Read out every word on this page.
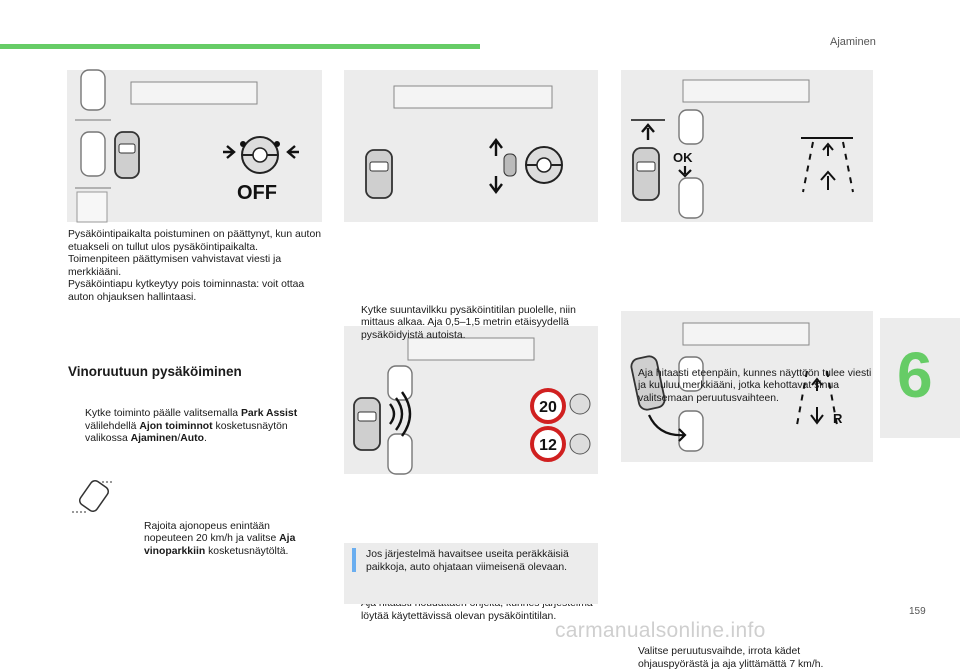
Ajaminen
OFF
OK
20
12
R
Pysäköintipaikalta poistuminen on päättynyt, kun auton etuakseli on tullut ulos pysäköintipaikalta.
Toimenpiteen päättymisen vahvistavat viesti ja merkkiääni.
Pysäköintiapu kytkeytyy pois toiminnasta: voit ottaa auton ohjauksen hallintaasi.
Vinoruutuun pysäköiminen
Kytke toiminto päälle valitsemalla Park Assist välilehdellä Ajon toiminnot kosketusnäytön valikossa Ajaminen/Auto.
Rajoita ajonopeus enintään nopeuteen 20 km/h ja valitse Aja vinoparkkiin kosketusnäytöltä.
Kytke suuntavilkku pysäköintitilan puolelle, niin mittaus alkaa. Aja 0,5–1,5 metrin etäisyydellä pysäköidyistä autoista.
löytää käytettävissä olevan pysäköintitilan.
Jos järjestelmä havaitsee useita peräkkäisiä paikkoja, auto ohjataan viimeisenä olevaan.
Aja hitaasti eteenpäin, kunnes näyttöön tulee viesti ja kuuluu merkkiääni, jotka kehottavat sinua valitsemaan peruutusvaihteen.
Valitse peruutusvaihde, irrota kädet ohjauspyörästä ja aja ylittämättä 7 km/h.
6
159
carmanualsonline.info
